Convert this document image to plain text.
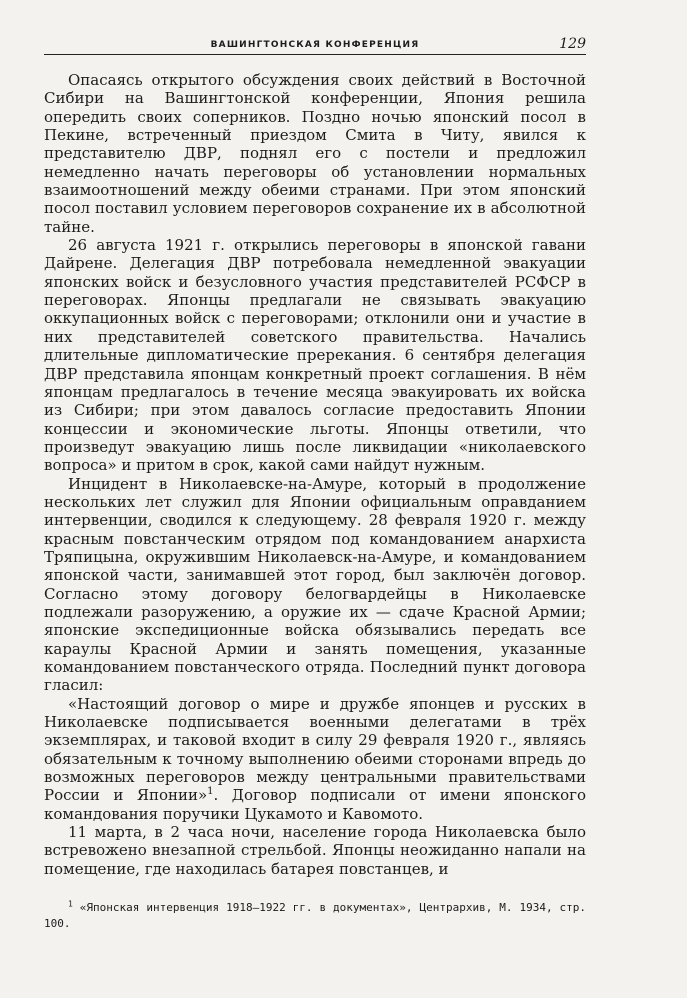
ВАШИНГТОНСКАЯ КОНФЕРЕНЦИЯ	129

Опасаясь открытого обсуждения своих действий в Восточной Сибири на Вашингтонской конференции, Япония решила опередить своих соперников. Поздно ночью японский посол в Пекине, встреченный приездом Смита в Читу, явился к представителю ДВР, поднял его с постели и предложил немедленно начать переговоры об установлении нормальных взаимоотношений между обеими странами. При этом японский посол поставил условием переговоров сохранение их в абсолютной тайне.

26 августа 1921 г. открылись переговоры в японской гавани Дайрене. Делегация ДВР потребовала немедленной эвакуации японских войск и безусловного участия представителей РСФСР в переговорах. Японцы предлагали не связывать эвакуацию оккупационных войск с переговорами; отклонили они и участие в них представителей советского правительства. Начались длительные дипломатические пререкания. 6 сентября делегация ДВР представила японцам конкретный проект соглашения. В нём японцам предлагалось в течение месяца эвакуировать их войска из Сибири; при этом давалось согласие предоставить Японии концессии и экономические льготы. Японцы ответили, что произведут эвакуацию лишь после ликвидации «николаевского вопроса» и притом в срок, какой сами найдут нужным.

Инцидент в Николаевске-на-Амуре, который в продолжение нескольких лет служил для Японии официальным оправданием интервенции, сводился к следующему. 28 февраля 1920 г. между красным повстанческим отрядом под командованием анархиста Тряпицына, окружившим Николаевск-на-Амуре, и командованием японской части, занимавшей этот город, был заключён договор. Согласно этому договору белогвардейцы в Николаевске подлежали разоружению, а оружие их — сдаче Красной Армии; японские экспедиционные войска обязывались передать все караулы Красной Армии и занять помещения, указанные командованием повстанческого отряда. Последний пункт договора гласил:

«Настоящий договор о мире и дружбе японцев и русских в Николаевске подписывается военными делегатами в трёх экземплярах, и таковой входит в силу 29 февраля 1920 г., являясь обязательным к точному выполнению обеими сторонами впредь до возможных переговоров между центральными правительствами России и Японии»$^1$. Договор подписали от имени японского командования поручики Цукамото и Кавомото.

11 марта, в 2 часа ночи, население города Николаевска было встревожено внезапной стрельбой. Японцы неожиданно напали на помещение, где находилась батарея повстанцев, и

$^1$ «Японская интервенция 1918—1922 гг. в документах», Центрархив, М. 1934, стр. 100.
